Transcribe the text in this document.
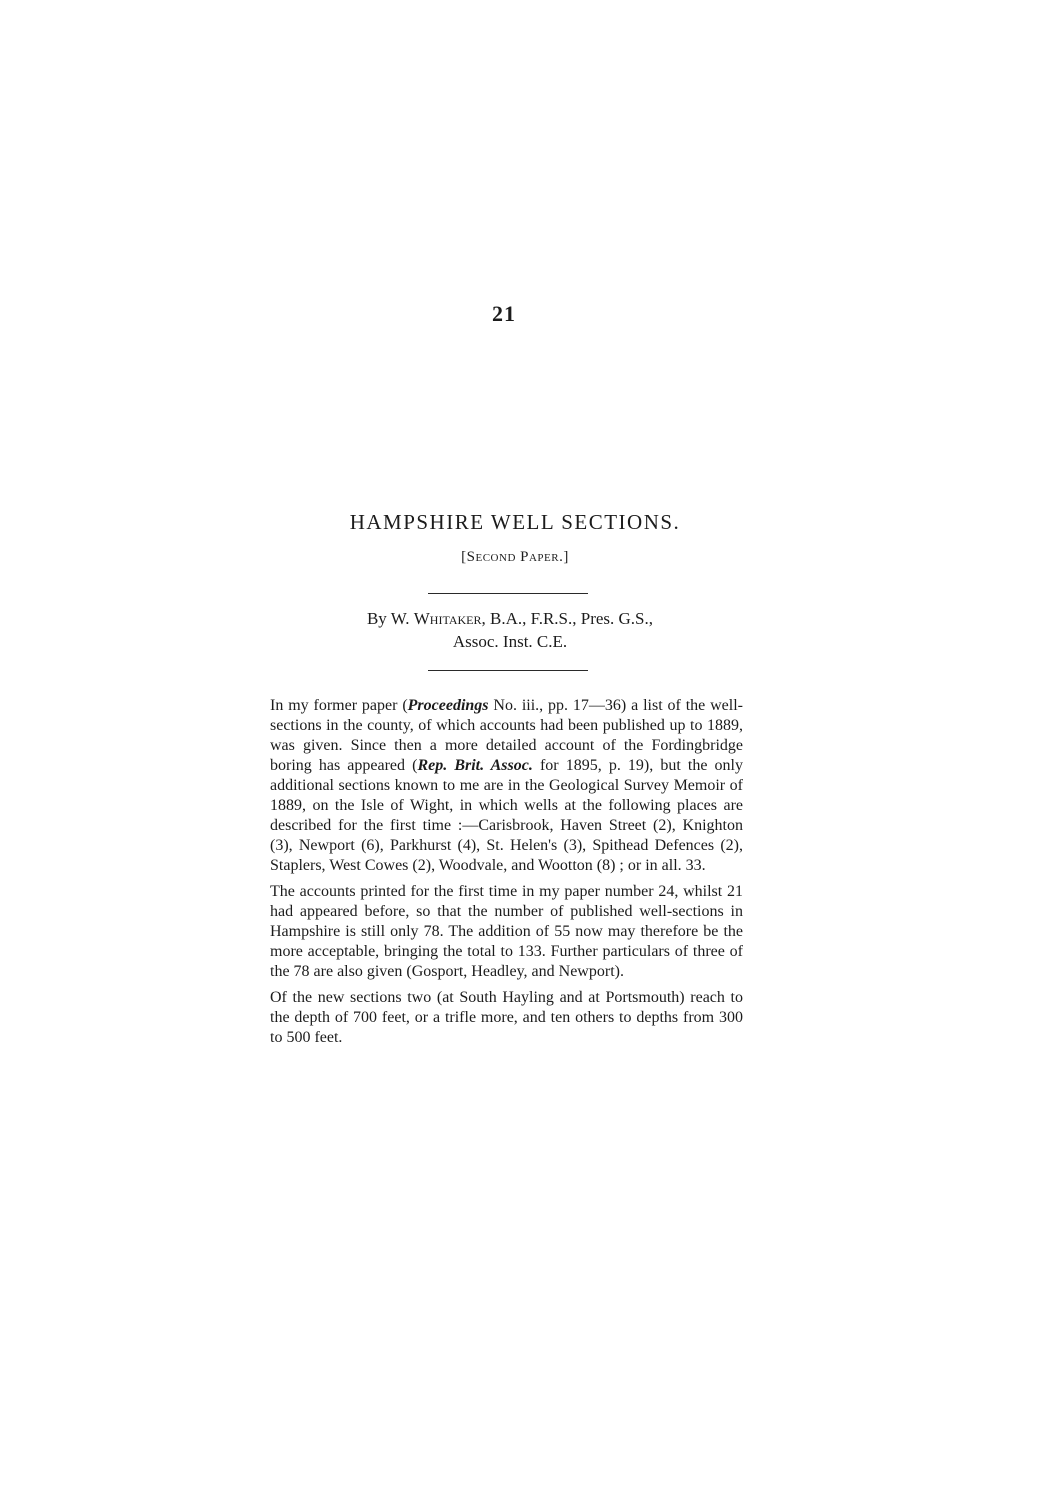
21
HAMPSHIRE WELL SECTIONS.
[Second Paper.]
By W. Whitaker, B.A., F.R.S., Pres. G.S.,
Assoc. Inst. C.E.

In my former paper (Proceedings No. iii., pp. 17—36) a list of the well-sections in the county, of which accounts had been published up to 1889, was given. Since then a more detailed account of the Fordingbridge boring has appeared (Rep. Brit. Assoc. for 1895, p. 19), but the only additional sections known to me are in the Geological Survey Memoir of 1889, on the Isle of Wight, in which wells at the following places are described for the first time :—Carisbrook, Haven Street (2), Knighton (3), Newport (6), Parkhurst (4), St. Helen's (3), Spithead Defences (2), Staplers, West Cowes (2), Woodvale, and Wootton (8) ; or in all. 33.

The accounts printed for the first time in my paper number 24, whilst 21 had appeared before, so that the number of published well-sections in Hampshire is still only 78. The addition of 55 now may therefore be the more acceptable, bringing the total to 133. Further particulars of three of the 78 are also given (Gosport, Headley, and Newport).

Of the new sections two (at South Hayling and at Portsmouth) reach to the depth of 700 feet, or a trifle more, and ten others to depths from 300 to 500 feet.
